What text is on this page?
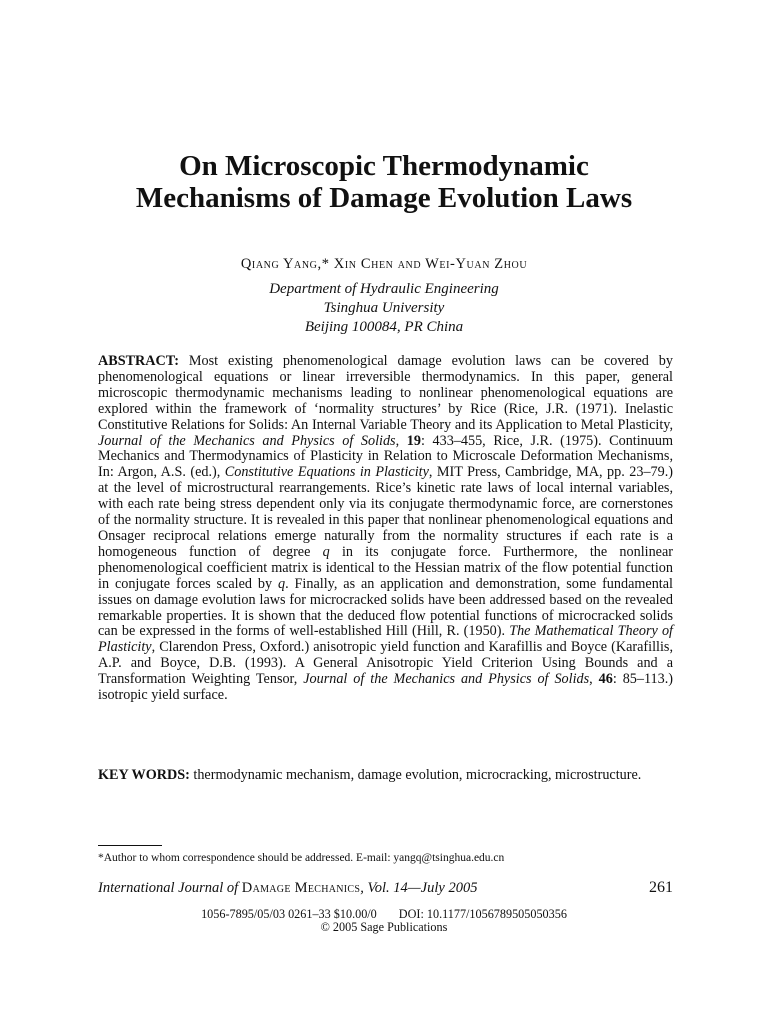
On Microscopic Thermodynamic
Mechanisms of Damage Evolution Laws
Qiang Yang,* Xin Chen and Wei-Yuan Zhou
Department of Hydraulic Engineering
Tsinghua University
Beijing 100084, PR China
ABSTRACT: Most existing phenomenological damage evolution laws can be covered by phenomenological equations or linear irreversible thermodynamics. In this paper, general microscopic thermodynamic mechanisms leading to nonlinear phenomenological equations are explored within the framework of ‘normality structures’ by Rice (Rice, J.R. (1971). Inelastic Constitutive Relations for Solids: An Internal Variable Theory and its Application to Metal Plasticity, Journal of the Mechanics and Physics of Solids, 19: 433–455, Rice, J.R. (1975). Continuum Mechanics and Thermodynamics of Plasticity in Relation to Microscale Deformation Mechanisms, In: Argon, A.S. (ed.), Constitutive Equations in Plasticity, MIT Press, Cambridge, MA, pp. 23–79.) at the level of microstructural rearrangements. Rice’s kinetic rate laws of local internal variables, with each rate being stress dependent only via its conjugate thermodynamic force, are cornerstones of the normality structure. It is revealed in this paper that nonlinear phenomenological equations and Onsager reciprocal relations emerge naturally from the normality structures if each rate is a homogeneous function of degree q in its conjugate force. Furthermore, the nonlinear phenomenological coefficient matrix is identical to the Hessian matrix of the flow potential function in conjugate forces scaled by q. Finally, as an application and demonstration, some fundamental issues on damage evolution laws for microcracked solids have been addressed based on the revealed remarkable properties. It is shown that the deduced flow potential functions of microcracked solids can be expressed in the forms of well-established Hill (Hill, R. (1950). The Mathematical Theory of Plasticity, Clarendon Press, Oxford.) anisotropic yield function and Karafillis and Boyce (Karafillis, A.P. and Boyce, D.B. (1993). A General Anisotropic Yield Criterion Using Bounds and a Transformation Weighting Tensor, Journal of the Mechanics and Physics of Solids, 46: 85–113.) isotropic yield surface.
KEY WORDS: thermodynamic mechanism, damage evolution, microcracking, microstructure.
*Author to whom correspondence should be addressed. E-mail: yangq@tsinghua.edu.cn
International Journal of Damage Mechanics, Vol. 14—July 2005	261
1056-7895/05/03 0261–33 $10.00/0 DOI: 10.1177/1056789505050356
© 2005 Sage Publications
